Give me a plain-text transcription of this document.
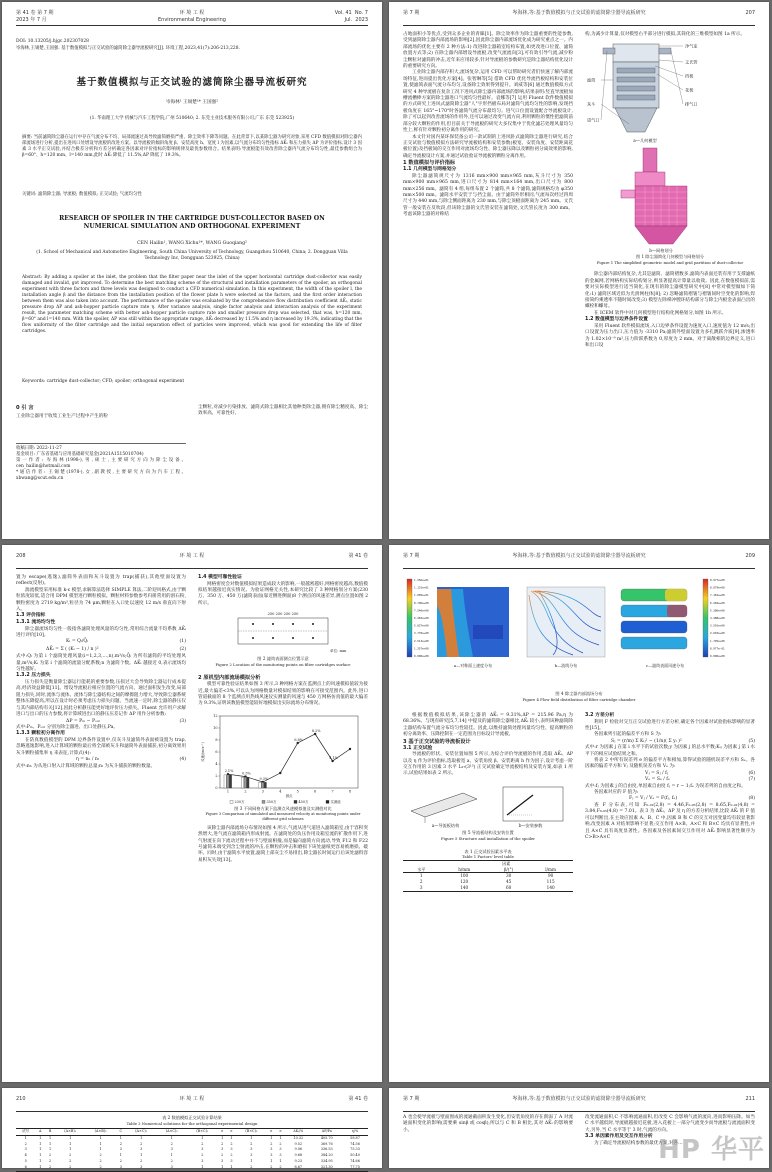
第 41 卷 第 7 期
2023 年 7 月
环 境 工 程
Environmental Engineering
Vol. 41  No. 7
Jul.  2023
DOI: 10.13205/j.hjgc.202307028
岑海林,王锡楚,王国强. 基于数值模拟与正交试验的滤筒除尘器导流板研究[J]. 环境工程,2023,41(7):206-213,228.
基于数值模拟与正交试验的滤筒除尘器导流板研究
岑海林¹ 王锡楚¹* 王国强²
(1. 华南理工大学 机械与汽车工程学院,广州 510640; 2. 东莞主业技术服务有限公司,广东 东莞 523925)
摘要: 当前滤筒除尘器在运行中存在气流分布不均、局部流速过高导致滤筒磨损严重、除尘效率下降等问题。在此背景下,以某除尘器为研究对象,采用 CFD 数值模拟对除尘器内部流场进行分析,提出在进风口处增设导流板的改进方案。以导流板的倾斜角度 β、安装高度 h、宽度 l 为因素,以气流分布均匀性指标 ΔK̄ᵢ 和压力损失 ΔP 为评价指标,设计 3 因素 3 水平正交试验,并结合极差分析和方差分析确定各因素对评价指标的影响规律及最优参数组合。结果表明:导流板能有效改善除尘器内气流分布均匀性,最佳参数组合为 β=60°、h=120 mm、l=140 mm,此时 ΔK̄ᵢ 降低了 11.5%,ΔP 降低了 19.3%。
关键词: 滤筒除尘器; 导流板; 数值模拟; 正交试验; 气流均匀性
RESEARCH OF SPOILER IN THE CARTRIDGE DUST-COLLECTOR BASED ON NUMERICAL SIMULATION AND ORTHOGONAL EXPERIMENT
CEN Hailin¹, WANG Xichu¹*, WANG Guoqiang²
(1. School of Mechanical and Automotive Engineering, South China University of Technology, Guangzhou 510640, China; 2. Dongguan Villa Technology Inc, Dongguan 523925, China)
Abstract: By adding a spoiler at the inlet, the problem that the filter paper near the inlet of the upper horizontal cartridge dust-collector was easily damaged and invalid, got improved. To determine the best matching scheme of the structural and installation parameters of the spoiler, an orthogonal experiment with three factors and three levels was designed to conduct a CFD numerical simulation. In this experiment, the width of the spoiler l, the installation angle β and the distance from the installation position of the flower plate h were selected as the factors, and the first order interaction between them was also taken into account. The performance of the spoiler was evaluated by the comprehensive flow distribution coefficient ΔK̄ᵢ, static pressure drop ΔP and ash-hopper particle capture rate η. After variance analysis, single factor analysis and interaction analysis of the experiment result, the parameter matching scheme with better ash-hopper particle capture rate and smaller pressure drop was selected, that was, h=120 mm, β=60° and l=140 mm. With the spoiler, ΔP was still within the appropriate range, ΔK̄ᵢ decreased by 11.5% and η increased by 19.3%, indicating that the flow uniformity of the filter cartridge and the initial separation effect of particles were improved, which was good for extending the life of filter cartridges.
Keywords: cartridge dust-collector; CFD; spoiler; orthogonal experiment
0 引 言
工业除尘器用于收集工业生产过程中产生的粉
尘颗粒,对减少污染排放、滤筒式除尘器相比其他种类除尘器,拥有除尘精度高、除尘效率高、可靠性好、
收稿日期: 2022-11-27
基金项目: 广东省基础与应用基础研究基金(2021A1515010704)
第一作者: 岑海林(1998-),男,硕士,主要研究方向为除尘设备。cen_hailin@hotmail.com
*通信作者: 王锡楚(1978-),女,副教授,主要研究方向为汽车工程。xbwang@scut.edu.cn
第 7 期	岑海林,等:基于数值模拟与正交试验的滤筒除尘器导流板研究	207

占地面积小等优点,受到众多企业的青睐[1]。除尘效率作为除尘器重要的性能参数,受到滤筒除尘器内部流场的影响[2],因此除尘器内部流场优化成为研究重点之一。内部流场的优化主要有 2 种方法:1) 改进除尘器箱室结构布置,如更改进口位置、滤筒放置方式等;2) 在除尘器内部增设导流板,改变气流流向[3],可有效引导气流,减少粉尘颗粒对滤筒的冲击,近年来应用较多,针对导流板的参数研究是除尘器结构优化设计的重要研究方向。

工业除尘器内部存积大,流场复杂,运用 CFD 可以帮助研究者们快速了解内部流场特征,进而提出优化方案[4]。张智琳等[5] 借助 CFD 优化导流挡板结构和安装位置,使滤筒表面气流分布均匀,设备除尘效果得到提升。刘威等[6] 通过数值模拟方式研究 4 种导流板在复杂工况下进风式除尘器内部流场的影响,结果表明:竖直导流板加槽流槽棒方案的除尘器进口气流均匀性最好。袁娜等[7] 运用 Fluent 软件数值模拟的方式研究上进风式滤筒除尘器"人"字形挡板布局对滤筒气流均匀性的影响,发现挡板角度在 165°~170°时各滤筒气流分布最均匀。进气口位置设置配合导流板设计,除了可以起到改善流场的作用外,还可以通过改变气流方向,利用颗粒的惯性把滤筒前部分较大颗粒的作用,但目前关于导流板的研究大多仅集中于优化滤芯处理风量均匀性上,鲜有针对颗粒初分离作用的研究。

本文针对国内某环保装备公司一款试制的上进风卧式滤筒除尘器进行研究,结合正交试验与数值模拟方法研究导流板结构和安装参数(板宽、安装角度、安装距离花板位置)及挡板间的交互作用对流场均匀性、除尘器压降以及颗粒初分离效果的影响,确定导流板设计方案,并通过试验验证导流板的颗粒分离作用。

1 数值模拟与评价指标

1.1 几何模型与网格划分

除尘器滤筒规尺寸为 1316 mm×900 mm×965 mm,灰斗尺寸为 350 mm×900 mm×965 mm,进口尺寸为 814 mm×164 mm,出口尺寸为 800 mm×256 mm。滤筒有 4 组,每组布置 2 个滤筒,共 8 个滤筒,滤筒规格均为 φ350 mm×500 mm。滤筒水平安装于与挡尘面。由于滤筒外形相同,气流每次经过四周尺寸为 440 mm,与除尘侧面距离为 230 mm,与除尘顶板面距离为 245 mm。文氏管一般安装在反吹段,但该除尘器的文氏管安装在滤筒处,文氏管长度为 300 mm。考虑该除尘器的对称结

构,为减少计算量,仅对模型右半部分进行模拟,其简化的三维模型如图 1a 所示。

净气室
文氏管
挡板
花板
滤筒
灰斗
进气口
排气口
a—几何模型
b—网格划分
图 1 除尘器简化几何模型与网格划分
Figure 1 The simplified geometric model and grid partition of dust-collector

除尘器内部结构复杂,尤其是滤筒、滤筒褶数多,滤筒内表面还装有用于支撑滤纸的金属网,若网格构实际结构划分,则显著提高计算量以收敛。因此,在数值模拟前,需要对实际模型进行适当简化,在现有的除尘器模型研究中[8] 中常对模型做如下简化:1) 滤筒区域近似为光滑网柱体[8]; 2) 忽略滤筒褶皱与褶皱间时空变化的影响,焊接简约乘透率不随时间改变;3) 模型左除梯冲膛环结构部分与除尘内板金表面凸出的螺栓和螺母。

在 ICEM 软件中对几何模型进行结构化网格划分,如图 1b 所示。

1.2 数值模型与边界条件设置

采用 Fluent 软件模拟流场,入口边界条件设置为速度入口,速度值为 12 m/s;出口设置为压力出口,压力值为 -3310 Pa;滤筒外壁面设置为多孔跳跃介质[9],渗透率为 1.02×10⁻⁹ m²,压力阶跃系数为 0,厚度为 2 mm。对于离散相的边界定义,进口和出口设

208	环 境 工 程	第 41 卷

置为 escape(逃逸),滤筒外表面和灰斗设置为 trap(捕获),其他壁面设置为 reflect(反射)。

湍流模型采用标准 k-ε 模型,求解算法选择 SIMPLE 算法,二阶迎风格式,由于颗粒浓度较低,适合用 DPM 模型进行颗粒模拟。颗粒材料参数参考归册常用的滑石粉,颗粒密度为 2719 kg/m³,粒径为 74 μm,颗粒在入口处以速度 12 m/s 垂直向下射入。

1.3 评价指标

1.3.1 流场均匀性

除尘器流场均匀性一般指各滤筒处理风量的均匀性,常用综合流量不均系数 ΔK̄ᵢ 进行评价[10]。

Kᵢ = Qᵢ/Q̄ᵢ	(1)
ΔK̄ᵢ = Σ ( (Kᵢ − 1) / n )²	(2)

式中:Qᵢ 为第 i 个滤筒处理风量(i=1,2,3,…,n),m³/s;Q̄ᵢ 为所有滤筒的平均处理风量,m³/s;Kᵢ 为第 i 个滤筒的流量分配系数;n 为滤筒个数。ΔK̄ᵢ 越接近 0,表示流场均匀性越好。

1.3.2 压力损失

压力损失是衡量除尘器运行能耗的重要参数,压损过大会导致除尘器运行成本提高,经济效益降低[11]。增设导流板后相应位置的气流方向、通过面积发生改变,局部阻力损失,同时,流体与流体、流体与除尘器结构之间的摩擦阻力增大,导致除尘器系统整体压降提高,所以在设计时必须考虑压力损失问题。当流速一定时,除尘器的静压仅与其内部结构有关[12],因此分析静压能更好地评价压力损失。Fluent 允许用户求解进口与出口的压力参数,将计算域进出口的静压压差记作 ΔP 用作分析参数:

ΔP = Pᵢₙ − Pₒᵤₜ	(3)

式中:Pᵢₙ、Pₒᵤₜ 分别为除尘器进、出口处静压,Pa。

1.3.3 颗粒初分离作用

在防真数值模型的 DPM 边界条件设置中,仅灰斗及滤筒外表面被设置为 trap,忽略逃逸影响,进入计算域的颗粒最后将全部被灰斗和滤筒外表面捕获,初分离效果用灰斗颗粒捕集率 η 来表征,计算式(4):

η = nₕ / nₜ	(4)

式中:nₕ 为从进口射入计算域的颗粒总量;nₜ 为灰斗捕获的颗粒数量。

1.4 模型可靠性验证

网格密度会对数值模拟结果造成较大的影响,一般越密越好,网格密度越高,数值模拟结果越接近真实情况。为验证网格无关性,本研究比较了 3 种网格划分方案(230 万、350 万、450 万)滤筒表面(靠近侧进侧面)8 个测点的风速差异,测点位置如图 2 所示。

250 250 250 250
单位: mm
图 2 滤筒表面测点位置示意
Figure 2 Location of the monitoring points on filter cartridges surface

2 原机型内部流场模拟分析

模型可靠性验证结果如图 3 所示,3 种网格方案在监测点上的风速模拟值较为接近,最大偏差<3%,可以认为网格数量对模拟结果的影响在可接受范围内。此外,进口管道截面的 8 个监测点用热线风速仪实测量的风速与 450 万网格仿真值的最大偏差为 9.3%,证明该数值模型能较好地模拟出实际流场分布情况。

0
2
4
6
8
10
12
1	2	3	4	5	6	7	8
测点
风速/(m·s⁻¹)
2.1%
0.5%
9.3%
6.8%
8.2%
4.1%
230万	350万	450万	实测值
图 3 不同网格方案下监测点风速模拟值及实测值对比
Figure 3 Comparison of simulated and measured velocity at monitoring points under different grid schemes

该除尘器内部流场分布情况如图 4 所示,气流从进气道进入滤筒箱室,由于容积突然增大,进气流在滤筒箱内形成射流。在滤筒处的负压作用及箱室流的扩散作用下,进气射流在向下流动过程中并不与壁面相撞,而是偏向滤筒方向流动,导致 F12 和 F22 号滤筒末端受到含尘射流的冲击,在颗粒的冲击和磨损下该处滤纸更容易被磨损、破坏。同时,由于滤筒水平放置,滤筒上部灰尘不易排出,除尘器长时间运行后该处滤料容易积灰失效[13]。

第 7 期	岑海林,等:基于数值模拟与正交试验的滤筒除尘器导流板研究	209
1.256e+01
1.131e+01
1.005e+01
8.796e+00
7.540e+00
6.283e+00
5.027e+00
3.770e+00
2.513e+00
1.257e+00
0.000e+00
a—对称面上速度分布	b—流线分布
8.977e+00
8.079e+00
7.181e+00
6.284e+00
5.386e+00
4.488e+00
3.591e+00
2.693e+00
1.795e+00
8.977e-01
0.000e+00
c—滤筒表面风速分布
图 4 除尘器内部流场分布
Figure 4 Flow field distribution of filter cartridge chamber

根据数值模拟结果,该除尘器的 ΔK̄ᵢ = 9.31%,ΔP = 215.96 Pa,η 为 68.36%。与现有研究[5,7,14] 中提及的滤筒除尘器相比,ΔK̄ᵢ 较小,表明该种滤筒除尘器结构布置气流分布均匀性较佳。因此,以维持滤筒处理风量均匀性、提高颗粒的初分离效率、压降控制在一定范围为目标设计导流板。

3 基于正交试验的导流板设计

3.1 正交试验

导流板的形状、安装位置如图 5 所示,为综合评价导流板的作用,选取 ΔK̄ᵢ、ΔP 以及 η 作为评价指标,选取板宽 a、安装角度 β、安装距离 h 作为因子,设计考虑一阶交互作用的 3 因素 3 水平 L₂₇(3¹³) 正交试验确定导流板结构及安装方案,如表 1 所示,试验结果如表 2 所示。

a—导流板结构	b—安装参数
图 5 导流板结构及安装位置
Figure 5 Structure and installation of the spoiler
表 1 正交试验因素水平表
Table 1 Factors' level table
	因素		
水平	h/mm	β/(°)	l/mm
1	100	30	90
2	120	45	115
3	140	60	140

3.2 方差分析

利用 F 检验对交互正交试验进行方差分析,确定各个因素对试验指标影响的显著性[15]。

各因素列引起的偏差平方和 S 为:

Sⱼ = (r/m) Σ Kᵢⱼ² − (1/n)( Σ yᵢ )²	(5)

式中:r 为因素 j 在第 i 水平下的试验次数;y 为因素 j 的总水平数;Kᵢⱼ 为因素 j 第 i 水平下的相应试验结果之和。

将表 2 中所有误差列 e 的偏差平方和相加,算得试验的随机误差平方和 Sₑ。各因素的偏差平方和 Vⱼ 及随机误差方和 Vₑ 为:

Vⱼ = Sⱼ / fⱼ	(6)
Vₑ = Sₑ / fₑ	(7)

式中:fⱼ 为因素 j 的自由度,单因素自由度 fⱼ = r − 1;fₑ 为误差列的自由度之和。

各因素对应的 F 值为:

Fⱼ = Vⱼ / Vₑ = F(fⱼ, fₑ)	(8)

查 F 分布表,可知 F₀.₀₁(2,8) = 4.46,F₀.₀₅(2,8) = 8.65,F₀.₀₁(4,8) = 3.84,F₀.₀₅(4,8) = 7.01。表 3 为 ΔK̄ᵢ、ΔP 及 η 的方差分析结果,比较 ΔK̄ᵢ 的 F 值可以判断出,在主效应因素 A、B、C 中,因素 B 和 C 的交互对因变量均有较显著影响,改变因素 A 对结果影响不显著;交互作用 A×B、A×C 和 B×C 均具有显著性,并且 A×C 具有高度显著性。各因素及各因素间交互作用对 ΔK̄ᵢ 影响显著性顺序为 C>B>A×C

210	环 境 工 程	第 41 卷
表 2 数值模拟正交试验计算结果
Table 2 Numerical solutions for the orthogonal experimental design
试号	A	B	(A×B)₁	(A×B)₂	C	(A×C)₁	(A×C)₂	(B×C)₁	e	e	(B×C)₂	e	e	ΔK̄ᵢ/%	ΔP/Pa	η/%
1	1	1	1	1	1	1	1	1	1	1	1	1	1	10.32	405.70	58.87
2	1	1	1	1	2	2	2	2	2	2	2	2	2	9.52	369.76	74.56
3	1	1	1	1	3	3	3	3	3	3	3	3	3	9.06	336.53	75.33
4	1	2	2	2	1	1	1	2	2	2	3	3	3	9.68	384.20	50.40
5	1	2	2	2	2	2	2	3	3	3	1	1	1	9.23	334.95	74.66
6	1	2	2	2	3	3	3	1	1	1	2	2	2	8.67	321.30	77.75
第 7 期	岑海林,等:基于数值模拟与正交试验的滤筒除尘器导流板研究	211

A 也会使导流板与壁面围成的流通截面积发生变化,但安装角度的存在削弱了 A 对流通面积变化的影响(需要乘 sinβ 或 cosβ),所以与 C 和 B 相比,其对 ΔK̄ᵢ 的影响要小。

改变流通面积,C 不影响流通面积,但改变 C 会影响气流的流向,进而影响压降。如当 C 水平越低时,导流板越接近花板,进入花板上一部分气流变少而导流板与流流面积变大,另外,当 C 水平等于 3 时,气流的方向。

3.3 单因素作用及交互作用分析

为了确定导流板结构参数的最优方案,对各…

HP 华平
